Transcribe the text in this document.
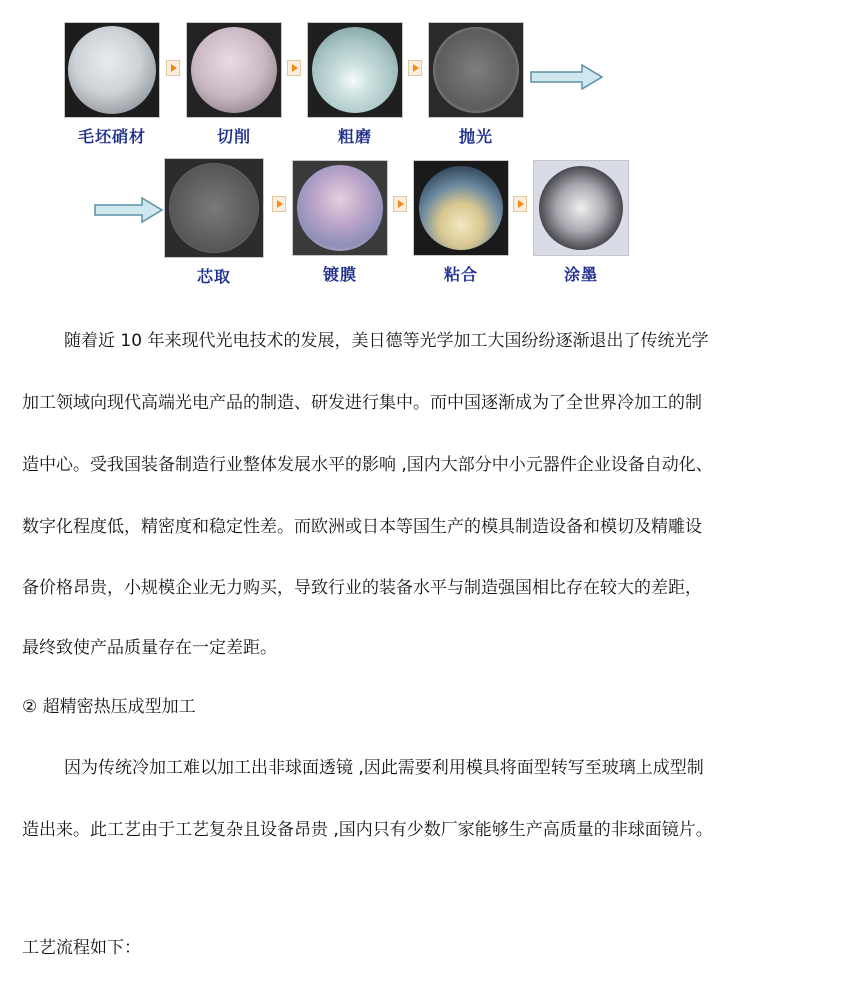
毛坯硝材	切削	粗磨	抛光
芯取	镀膜	粘合	涂墨
随着近 10 年来现代光电技术的发展，美日德等光学加工大国纷纷逐渐退出了传统光学
加工领域向现代高端光电产品的制造、研发进行集中。而中国逐渐成为了全世界冷加工的制
造中心。受我国装备制造行业整体发展水平的影响 ,国内大部分中小元器件企业设备自动化、
数字化程度低，精密度和稳定性差。而欧洲或日本等国生产的模具制造设备和模切及精雕设
备价格昂贵，小规模企业无力购买，导致行业的装备水平与制造强国相比存在较大的差距，
最终致使产品质量存在一定差距。
② 超精密热压成型加工
因为传统冷加工难以加工出非球面透镜 ,因此需要利用模具将面型转写至玻璃上成型制
造出来。此工艺由于工艺复杂且设备昂贵 ,国内只有少数厂家能够生产高质量的非球面镜片。
工艺流程如下：
